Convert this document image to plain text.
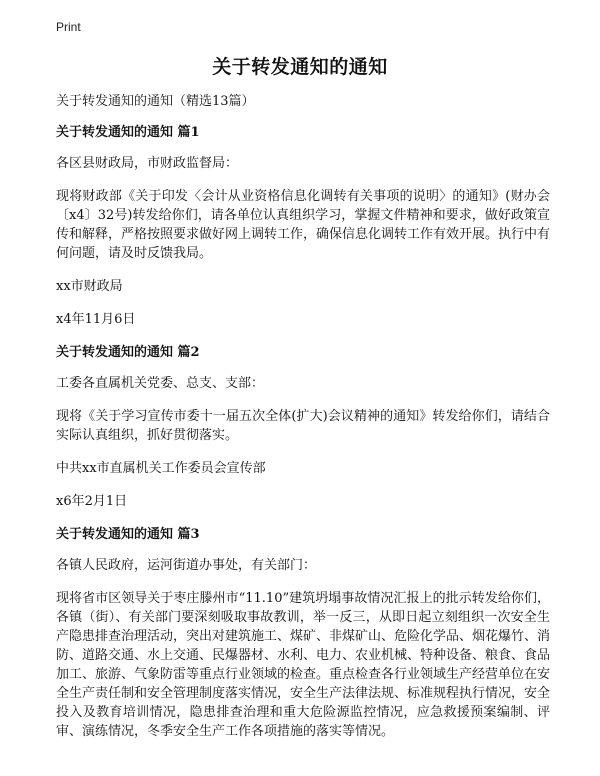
Print
关于转发通知的通知

关于转发通知的通知（精选13篇）

关于转发通知的通知 篇1

各区县财政局，市财政监督局：

现将财政部《关于印发〈会计从业资格信息化调转有关事项的说明〉的通知》(财办会〔x4〕32号)转发给你们，请各单位认真组织学习，掌握文件精神和要求，做好政策宣传和解释，严格按照要求做好网上调转工作，确保信息化调转工作有效开展。执行中有何问题，请及时反馈我局。

xx市财政局

x4年11月6日

关于转发通知的通知 篇2

工委各直属机关党委、总支、支部：

现将《关于学习宣传市委十一届五次全体(扩大)会议精神的通知》转发给你们，请结合实际认真组织，抓好贯彻落实。

中共xx市直属机关工作委员会宣传部

x6年2月1日

关于转发通知的通知 篇3

各镇人民政府，运河街道办事处，有关部门：

现将省市区领导关于枣庄滕州市“11.10”建筑坍塌事故情况汇报上的批示转发给你们，各镇（街）、有关部门要深刻吸取事故教训，举一反三，从即日起立刻组织一次安全生产隐患排查治理活动，突出对建筑施工、煤矿、非煤矿山、危险化学品、烟花爆竹、消防、道路交通、水上交通、民爆器材、水利、电力、农业机械、特种设备、粮食、食品加工、旅游、气象防雷等重点行业领域的检查。重点检查各行业领域生产经营单位在安全生产责任制和安全管理制度落实情况，安全生产法律法规、标准规程执行情况，安全投入及教育培训情况，隐患排查治理和重大危险源监控情况，应急救援预案编制、评审、演练情况，冬季安全生产工作各项措施的落实等情况。
